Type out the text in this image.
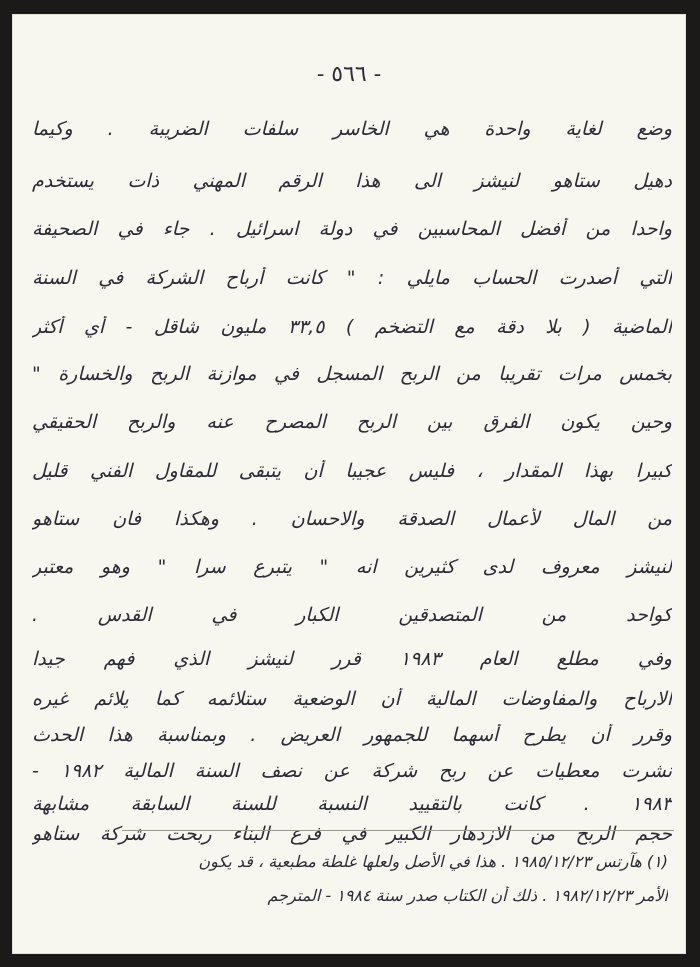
- ٥٦٦ -
وضع لغاية واحدة هي الخاسر سلفات الضريبة . وكيما
دهيل ستاهو لنيشز الى هذا الرقم المهني ذات يستخدم
واحدا من أفضل المحاسبين في دولة اسرائيل . جاء في الصحيفة
التي أصدرت الحساب مايلي : " كانت أرباح الشركة في السنة
الماضية ( بلا دقة مع التضخم ) ٣٣,٥ مليون شاقل - أي أكثر
بخمس مرات تقريبا من الربح المسجل في موازنة الربح والخسارة "
وحين يكون الفرق بين الربح المصرح عنه والربح الحقيقي
كبيرا بهذا المقدار ، فليس عجيبا أن يتبقى للمقاول الفني قليل
من المال لأعمال الصدقة والاحسان . وهكذا فان ستاهو
لنيشز معروف لدى كثيرين انه " يتبرع سرا " وهو معتبر
كواحد من المتصدقين الكبار في القدس .
وفي مطلع العام ١٩٨٣ قرر لنيشز الذي فهم جيدا
الارباح والمفاوضات المالية أن الوضعية ستلائمه كما يلائم غيره
وقرر أن يطرح أسهما للجمهور العريض . وبمناسبة هذا الحدث
نشرت معطيات عن ربح شركة عن نصف السنة المالية ١٩٨٢ -
١٩٨٣ . كانت بالتقييد النسبة للسنة السابقة مشابهة
حجم الربح من الازدهار الكبير في فرع البناء ربحت شركة ستاهو
(١) هآرتس ١٩٨٥/١٢/٢٣ . هذا في الأصل ولعلها غلطة مطبعية ، قد يكون
الأمر ١٩٨٢/١٢/٢٣ . ذلك أن الكتاب صدر سنة ١٩٨٤ - المترجم
